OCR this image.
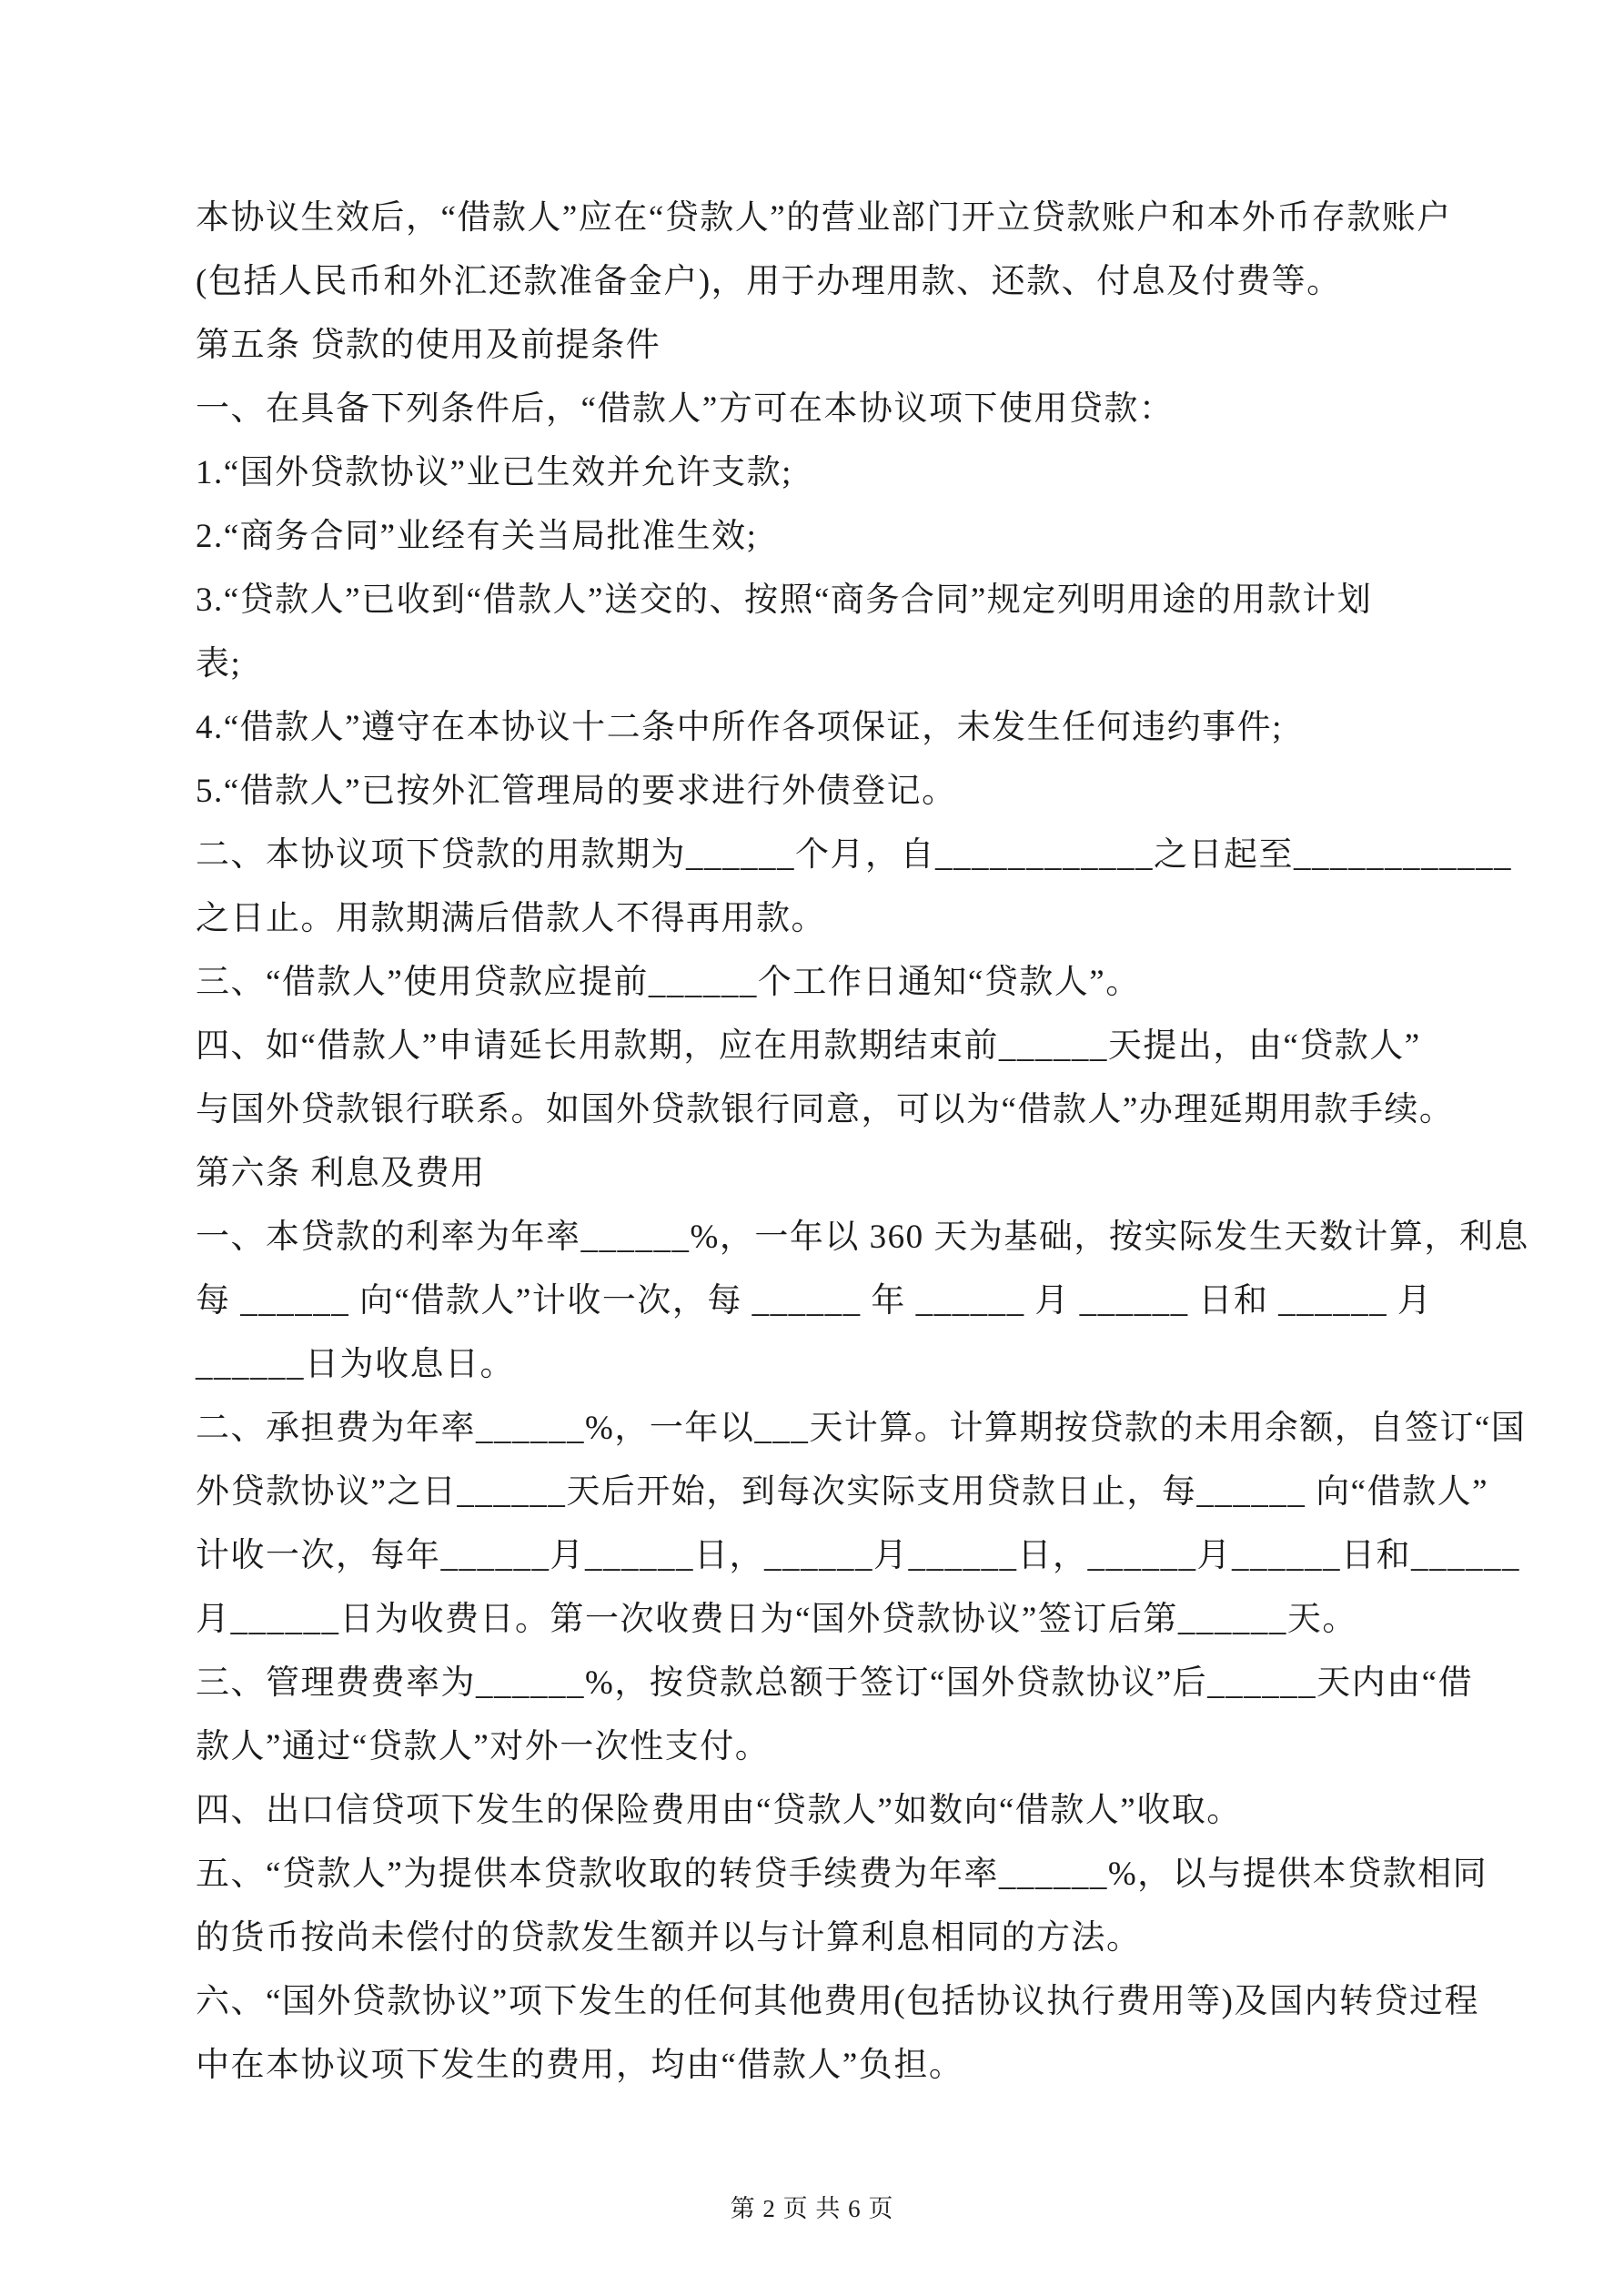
本协议生效后，“借款人”应在“贷款人”的营业部门开立贷款账户和本外币存款账户
(包括人民币和外汇还款准备金户)，用于办理用款、还款、付息及付费等。
第五条 贷款的使用及前提条件
一、在具备下列条件后，“借款人”方可在本协议项下使用贷款：
1.“国外贷款协议”业已生效并允许支款;
2.“商务合同”业经有关当局批准生效;
3.“贷款人”已收到“借款人”送交的、按照“商务合同”规定列明用途的用款计划
表;
4.“借款人”遵守在本协议十二条中所作各项保证，未发生任何违约事件;
5.“借款人”已按外汇管理局的要求进行外债登记。
二、本协议项下贷款的用款期为______个月，自____________之日起至____________
之日止。用款期满后借款人不得再用款。
三、“借款人”使用贷款应提前______个工作日通知“贷款人”。
四、如“借款人”申请延长用款期，应在用款期结束前______天提出，由“贷款人”
与国外贷款银行联系。如国外贷款银行同意，可以为“借款人”办理延期用款手续。
第六条 利息及费用
一、本贷款的利率为年率______%，一年以 360 天为基础，按实际发生天数计算，利息
每 ______ 向“借款人”计收一次，每 ______ 年 ______ 月 ______ 日和 ______ 月
______日为收息日。
二、承担费为年率______%，一年以___天计算。计算期按贷款的未用余额，自签订“国
外贷款协议”之日______天后开始，到每次实际支用贷款日止，每______ 向“借款人”
计收一次，每年______月______日，______月______日，______月______日和______
月______日为收费日。第一次收费日为“国外贷款协议”签订后第______天。
三、管理费费率为______%，按贷款总额于签订“国外贷款协议”后______天内由“借
款人”通过“贷款人”对外一次性支付。
四、出口信贷项下发生的保险费用由“贷款人”如数向“借款人”收取。
五、“贷款人”为提供本贷款收取的转贷手续费为年率______%，以与提供本贷款相同
的货币按尚未偿付的贷款发生额并以与计算利息相同的方法。
六、“国外贷款协议”项下发生的任何其他费用(包括协议执行费用等)及国内转贷过程
中在本协议项下发生的费用，均由“借款人”负担。
第 2 页 共 6 页
